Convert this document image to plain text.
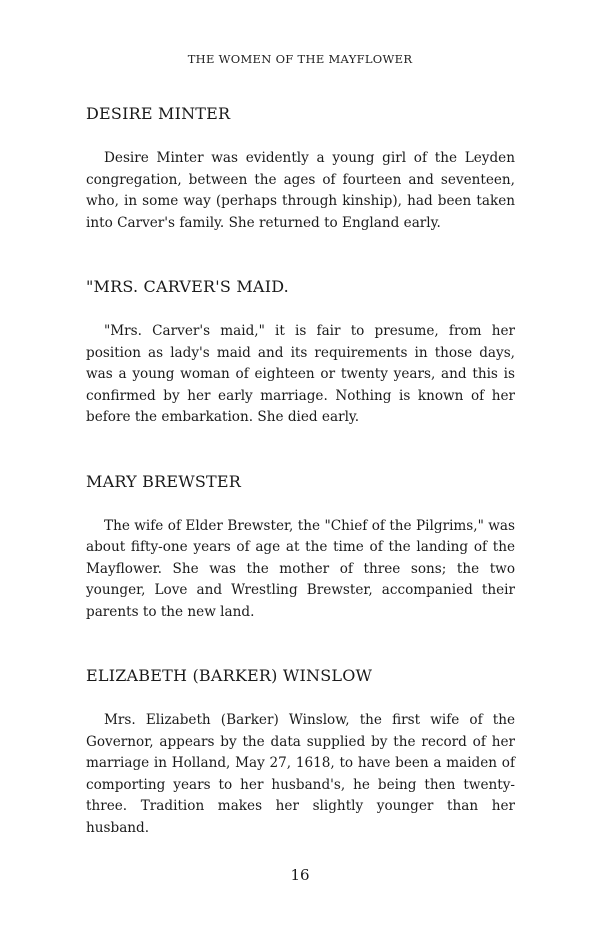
THE WOMEN OF THE MAYFLOWER
DESIRE MINTER

Desire Minter was evidently a young girl of the Leyden congregation, between the ages of fourteen and seventeen, who, in some way (perhaps through kinship), had been taken into Carver's family. She returned to England early.

"MRS. CARVER'S MAID.

"Mrs. Carver's maid," it is fair to presume, from her position as lady's maid and its requirements in those days, was a young woman of eighteen or twenty years, and this is confirmed by her early marriage. Nothing is known of her before the embarkation. She died early.

MARY BREWSTER

The wife of Elder Brewster, the "Chief of the Pilgrims," was about fifty-one years of age at the time of the landing of the Mayflower. She was the mother of three sons; the two younger, Love and Wrestling Brewster, accompanied their parents to the new land.

ELIZABETH (BARKER) WINSLOW

Mrs. Elizabeth (Barker) Winslow, the first wife of the Governor, appears by the data supplied by the record of her marriage in Holland, May 27, 1618, to have been a maiden of comporting years to her husband's, he being then twenty-three. Tradition makes her slightly younger than her husband.

16
